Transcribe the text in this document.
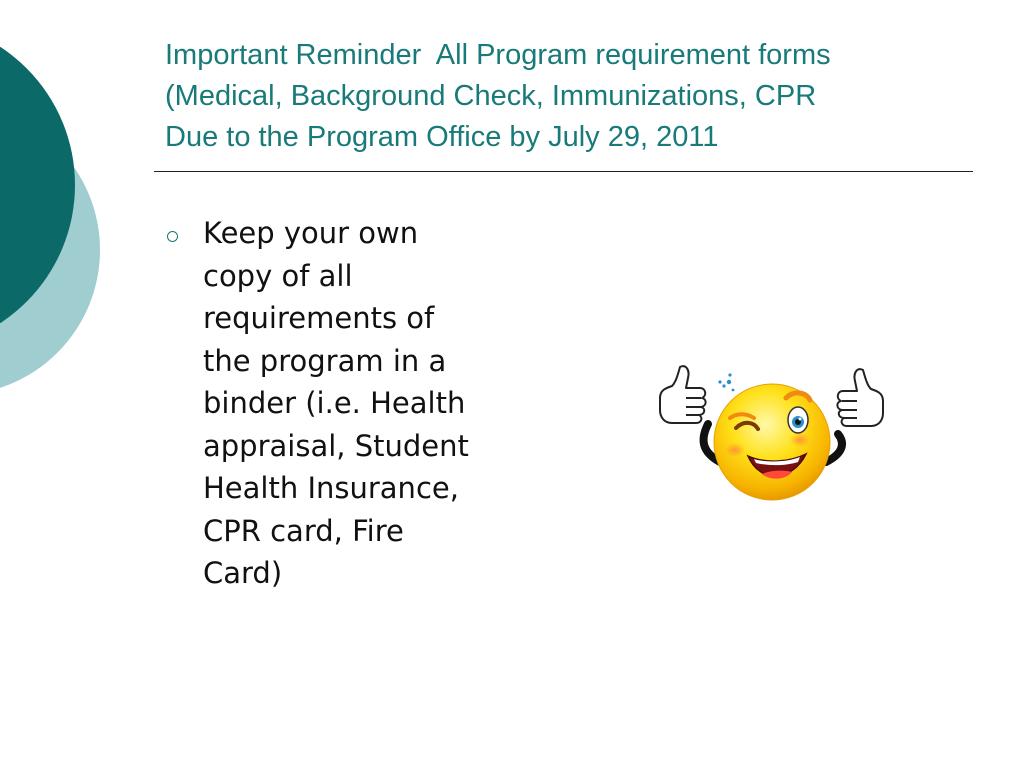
Important Reminder  All Program requirement forms
(Medical, Background Check, Immunizations, CPR
Due to the Program Office by July 29, 2011
Keep your own
copy of all
requirements of
the program in a
binder (i.e. Health
appraisal, Student
Health Insurance,
CPR card, Fire
Card)
